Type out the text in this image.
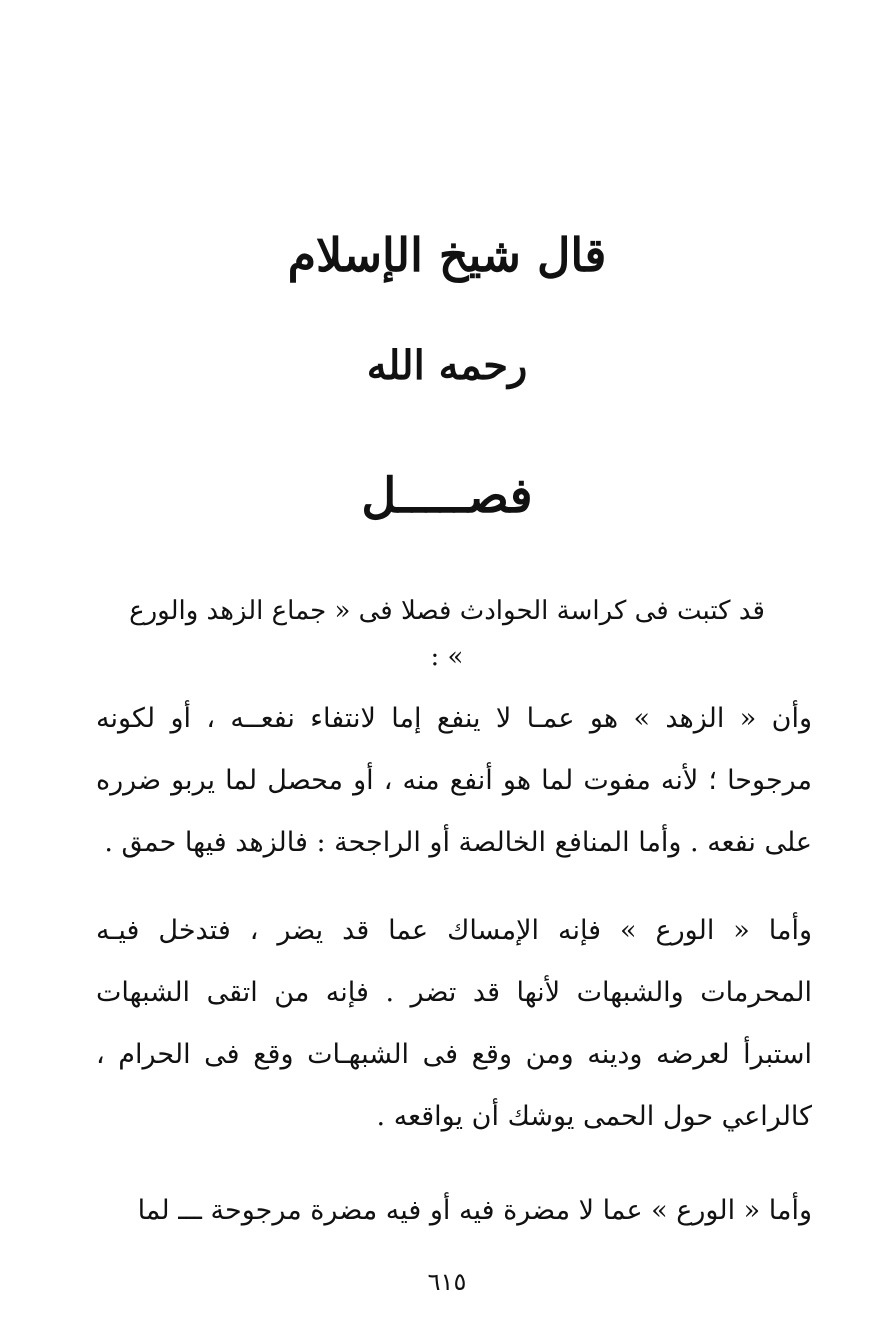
قال شيخ الإسلام
رحمه الله
فصـــــل
قد كتبت فى كراسة الحوادث فصلا فى « جماع الزهد والورع » :
وأن « الزهد » هو عمـا لا ينفع إما لانتفاء نفعــه ، أو لكونه مرجوحا ؛ لأنه مفوت لما هو أنفع منه ، أو محصل لما يربو ضرره على نفعه . وأما المنافع الخالصة أو الراجحة : فالزهد فيها حمق .
وأما « الورع » فإنه الإمساك عما قد يضر ، فتدخل فيـه المحرمات والشبهات لأنها قد تضر . فإنه من اتقى الشبهات استبرأ لعرضه ودينه ومن وقع فى الشبهـات وقع فى الحرام ، كالراعي حول الحمى يوشك أن يواقعه .
وأما « الورع » عما لا مضرة فيه أو فيه مضرة مرجوحة ـــ لما
٦١٥
